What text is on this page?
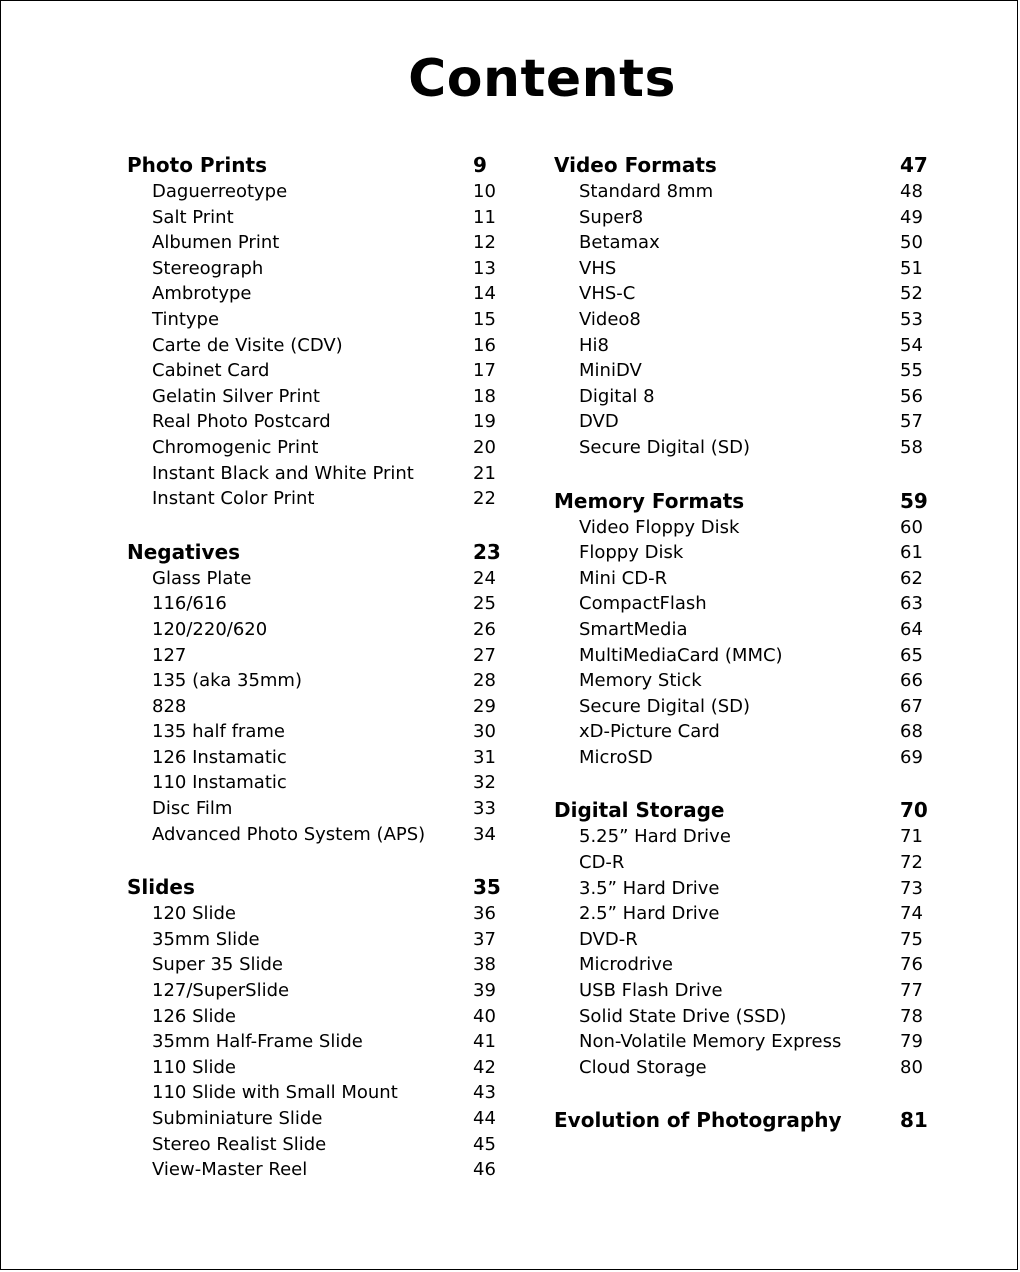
Contents
Photo Prints	9
Daguerreotype	10
Salt Print	11
Albumen Print	12
Stereograph	13
Ambrotype	14
Tintype	15
Carte de Visite (CDV)	16
Cabinet Card	17
Gelatin Silver Print	18
Real Photo Postcard	19
Chromogenic Print	20
Instant Black and White Print	21
Instant Color Print	22
Negatives	23
Glass Plate	24
116/616	25
120/220/620	26
127	27
135 (aka 35mm)	28
828	29
135 half frame	30
126 Instamatic	31
110 Instamatic	32
Disc Film	33
Advanced Photo System (APS)	34
Slides	35
120 Slide	36
35mm Slide	37
Super 35 Slide	38
127/SuperSlide	39
126 Slide	40
35mm Half-Frame Slide	41
110 Slide	42
110 Slide with Small Mount	43
Subminiature Slide	44
Stereo Realist Slide	45
View-Master Reel	46
Video Formats	47
Standard 8mm	48
Super8	49
Betamax	50
VHS	51
VHS-C	52
Video8	53
Hi8	54
MiniDV	55
Digital 8	56
DVD	57
Secure Digital (SD)	58
Memory Formats	59
Video Floppy Disk	60
Floppy Disk	61
Mini CD-R	62
CompactFlash	63
SmartMedia	64
MultiMediaCard (MMC)	65
Memory Stick	66
Secure Digital (SD)	67
xD-Picture Card	68
MicroSD	69
Digital Storage	70
5.25” Hard Drive	71
CD-R	72
3.5” Hard Drive	73
2.5” Hard Drive	74
DVD-R	75
Microdrive	76
USB Flash Drive	77
Solid State Drive (SSD)	78
Non-Volatile Memory Express	79
Cloud Storage	80
Evolution of Photography	81
